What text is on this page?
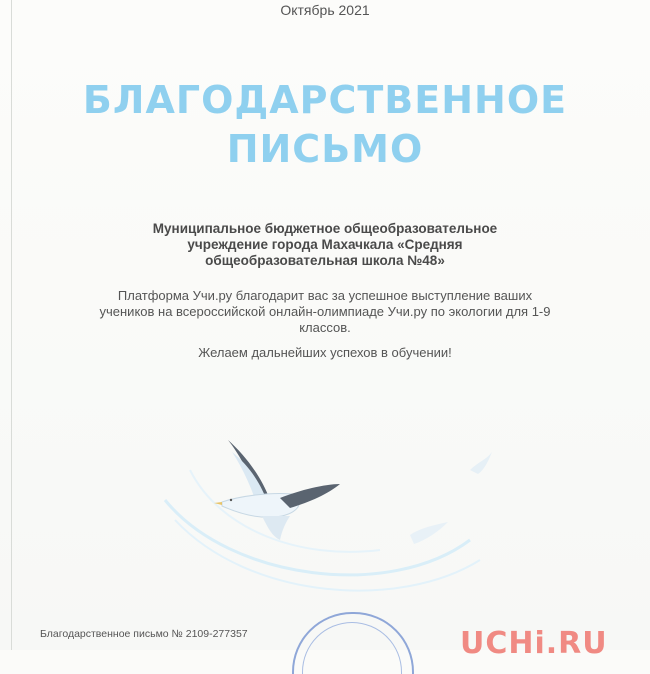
Октябрь 2021
БЛАГОДАРСТВЕННОЕ
ПИСЬМО
Муниципальное бюджетное общеобразовательное учреждение города Махачкала «Средняя общеобразовательная школа №48»
Платформа Учи.ру благодарит вас за успешное выступление ваших учеников на всероссийской онлайн-олимпиаде Учи.ру по экологии для 1-9 классов.
Желаем дальнейших успехов в обучении!
Благодарственное письмо № 2109-277357	UCHi.RU
